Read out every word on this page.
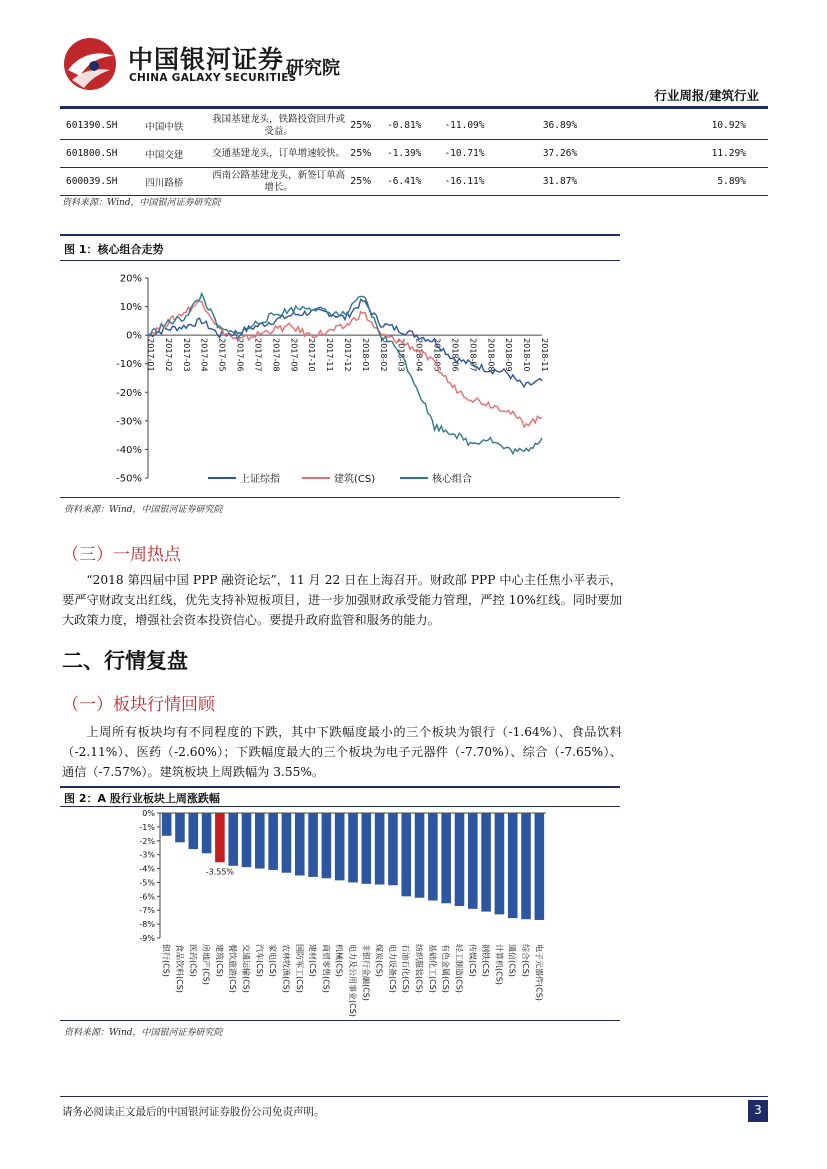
中国银河证券
CHINA GALAXY SECURITIES
研究院
行业周报/建筑行业
601390.SH	中国中铁	我国基建龙头，铁路投资回升或
受益。	25%	-0.81%	-11.09%	36.89%	10.92%
601800.SH	中国交建	交通基建龙头，订单增速较快。	25%	-1.39%	-10.71%	37.26%	11.29%
600039.SH	四川路桥	西南公路基建龙头，新签订单高
增长。	25%	-6.41%	-16.11%	31.87%	5.89%
资料来源：Wind，中国银河证券研究院
图 1：核心组合走势
20%
10%
0%
-10%
-20%
-30%
-40%
-50%
2017-01 2017-02 2017-03 2017-04 2017-05 2017-06 2017-07 2017-08 2017-09 2017-10 2017-11 2017-12 2018-01 2018-02 2018-03 2018-04 2018-05 2018-06 2018-07 2018-08 2018-09 2018-10 2018-11
上证综指	建筑(CS)	核心组合
资料来源：Wind，中国银河证券研究院
（三）一周热点
“2018 第四届中国 PPP 融资论坛”，11 月 22 日在上海召开。财政部 PPP 中心主任焦小平表示，要严守财政支出红线，优先支持补短板项目，进一步加强财政承受能力管理，严控 10%红线。同时要加大政策力度，增强社会资本投资信心。要提升政府监管和服务的能力。
二、行情复盘
（一）板块行情回顾
上周所有板块均有不同程度的下跌，其中下跌幅度最小的三个板块为银行（-1.64%）、食品饮料（-2.11%）、医药（-2.60%）；下跌幅度最大的三个板块为电子元器件（-7.70%）、综合（-7.65%）、通信（-7.57%）。建筑板块上周跌幅为 3.55%。
图 2：A 股行业板块上周涨跌幅
0%
-1%
-2%
-3%
-4%
-5%
-6%
-7%
-8%
-9%
银行(CS) 食品饮料(CS) 医药(CS) 房地产(CS) 建筑(CS) 餐饮旅游(CS) 交通运输(CS) 汽车(CS) 家电(CS) 农林牧渔(CS) 国防军工(CS) 建材(CS) 商贸零售(CS) 机械(CS) 电力及公用事业(CS) 非银行金融(CS) 煤炭(CS) 电力设备(CS) 石油石化(CS) 纺织服装(CS) 基础化工(CS) 有色金属(CS) 轻工制造(CS) 传媒(CS) 钢铁(CS) 计算机(CS) 通信(CS) 综合(CS) 电子元器件(CS)
-3.55%
资料来源：Wind，中国银河证券研究院
请务必阅读正文最后的中国银河证券股份公司免责声明。	3
